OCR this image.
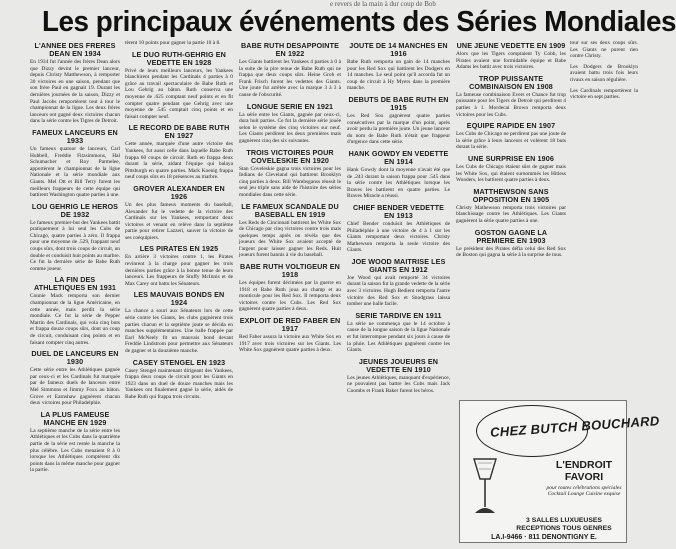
e revers de la main à dur coup de Bob
Les principaux événements des Séries Mondiales
L'ANNEE DES FRERES DEAN EN 1934

En 1934 fut l'année des frères Dean alors que Dizzy devint le premier lanceur, depuis Christy Matthewson, à remporter 30 victoires en une saison, pendant que son frère Paul en gagnait 19. Durant les dernières journées de la saison, Dizzy et Paul Jacobs remportèrent tout à tour le championnat de la ligue. Les deux frères lanceurs ont gagné deux victoires chacun dans la série contre les Tigres de Detroit.

FAMEUX LANCEURS EN 1933

Un fameux quatuor de lanceurs, Carl Hubbell, Freddie Fitzsimmons, Hal Schumacher et Roy Parmelee, apportèrent le championnat de la ligue Nationale et la série mondiale aux Giants. Mel Ott et Bill Terry furent les meilleurs frappeurs de cette équipe qui battirent Washington quatre parties à une.

LOU GEHRIG LE HEROS DE 1932

Le fameux premier-but des Yankees battit pratiquement à lui seul les Cubs de Chicago, quatre parties à zéro. Il frappa pour une moyenne de .529, frappant neuf coups sûrs, dont trois coups de circuit, un double et conduisit huit points au marbre. Ce fut la dernière série de Babe Ruth comme joueur.

LA FIN DES ATHLETIQUES EN 1931

Connie Mack remporta son dernier championnat de la ligue Américaine, en cette année, mais perdit la série mondiale. Ce fut la série de Pepper Martin des Cardinals, qui vola cinq buts et frappa douze coups sûrs, dont un coup de circuit, conduisant cinq points et en faisant compter cinq autres.

DUEL DE LANCEURS EN 1930

Cette série entre les Athlétiques gagnée par ceux-ci et les Cardinals fut marquée par de fameux duels de lanceurs entre Mel Simmons et Jimmy Foxx au bâton. Grove et Earnshaw gagnèrent chacun deux victoires pour Philadelphie.

LA PLUS FAMEUSE MANCHE EN 1929

La septième manche de la série entre les Athlétiques et les Cubs dans la quatrième partie de la série est restée la manche la plus célèbre. Les Cubs menaient 8 à 0 lorsque les Athlétiques comptèrent dix points dans la même manche pour gagner la partie.

tèrent 10 points pour gagner la partie 10 à 8.

LE DUO RUTH-GEHRIG EN VEDETTE EN 1928

Privé de leurs meilleurs lanceurs, les Yankees blanchirent pendant les Cardinals 4 parties à 0 grâce au travail spectaculaire de Babe Ruth et Lou Gehrig au bâton. Ruth conserva une moyenne de .625 comptant neuf points et en fit compter quatre pendant que Gehrig avec une moyenne de .545 comptait cinq points et en faisait compter neuf.

LE RECORD DE BABE RUTH EN 1927

Cette année, marquée d'une autre victoire des Yankees, fut aussi celle dans laquelle Babe Ruth frappa 60 coups de circuit. Ruth en frappa deux durant la série, aidant l'équipe qui balaya Pittsburgh en quatre parties. Mark Koenig frappa neuf coups sûrs en 18 présences au marbre.

GROVER ALEXANDER EN 1926

Un des plus fameux moments du baseball, Alexander fut le vedette de la victoire des Cardinals sur les Yankees, remportant deux victoires et venant en relève dans la septième partie pour retirer Lazzeri, sauver la victoire de ses coéquipiers.

LES PIRATES EN 1925

En arrière 3 victoires contre 1, les Pirates revinrent à la charge pour gagner les trois dernières parties grâce à la bonne tenue de leurs lanceurs. Les frappeurs de Stuffy McInnis et de Max Carey ont battu les Sénateurs.

LES MAUVAIS BONDS EN 1924

La chance a souri aux Sénateurs lors de cette série contre les Giants, les clubs gagnèrent trois parties chacun et la septième joute se décida en manches supplémentaires. Une balle frappée par Earl McNeely fit un mauvais bond devant Freddie Lindstrom pour permettre aux Sénateurs de gagner et la douzième manche.

CASEY STENGEL EN 1923

Casey Stengel maintenant dirigeant des Yankees, frappa deux coups de circuit pour les Giants en 1923 dans un duel de douze manches mais les Yankees ont finalement gagné la série, aidés de Babe Ruth qui frappa trois circuits.

BABE RUTH DESAPPOINTE EN 1922

Les Giants battirent les Yankees 4 parties à 0 à la suite de la pire tenue de Babe Ruth qui ne frappa que deux coups sûrs. Heine Groh et Frank Frisch furent les vedettes des Giants. Une joute fut arrêtée avec la marque 3 à 3 à cause de l'obscurité.

LONGUE SERIE EN 1921

La série entre les Giants, gagnée par ceux-ci, dura huit parties. Ce fut la dernière série jouée selon le système des cinq victoires sur neuf. Les Giants perdirent les deux premières mais gagnèrent cinq des six suivantes.

TROIS VICTOIRES POUR COVELESKIE EN 1920

Stan Coveleskie gagna trois victoires pour les Indians de Cleveland qui battirent Brooklyn cinq parties à deux. Bill Wambsganss réussit le seul jeu triple sans aide de l'histoire des séries mondiales dans cette série.

LE FAMEUX SCANDALE DU BASEBALL EN 1919

Les Reds de Cincinnati battirent les White Sox de Chicago par cinq victoires contre trois mais quelques temps après on révéla que des joueurs des White Sox avaient accepté de l'argent pour laisser gagner les Reds. Huit joueurs furent bannis à vie du baseball.

BABE RUTH VOLTIGEUR EN 1918

Les équipes furent décimées par la guerre en 1918 et Babe Ruth joua au champ et au monticule pour les Red Sox. Il remporta deux victoires contre les Cubs. Les Red Sox gagnèrent quatre parties à deux.

EXPLOIT DE RED FABER EN 1917

Red Faber assura la victoire aux White Sox en 1917 avec trois victoires sur les Giants. Les White Sox gagnèrent quatre parties à deux.

JOUTE DE 14 MANCHES EN 1916

Babe Ruth remporta un gain de 14 manches pour les Red Sox qui battirent les Dodgers en 14 manches. Le seul point qu'il accorda fut un coup de circuit à Hy Myers dans la première manche.

DEBUTS DE BABE RUTH EN 1915

Les Red Sox gagnèrent quatre parties consécutives par la marque d'un point, après avoir perdu la première joute. Un jeune lanceur du nom de Babe Ruth n'était que frappeur d'urgence dans cette série.

HANK GOWDY EN VEDETTE EN 1914

Hank Gowdy dont la moyenne n'avait été que de .243 durant la saison frappa pour .545 dans la série contre les Athlétiques lorsque les Braves les battirent en quatre parties. Le Braves Miracle a réussi.

CHIEF BENDER VEDETTE EN 1913

Chief Bender conduisit les Athlétiques de Philadelphie à une victoire de 4 à 1 sur les Giants remportant deux victoires. Christy Mathewson remporta la seule victoire des Giants.

JOE WOOD MAITRISE LES GIANTS EN 1912

Joe Wood qui avait remporté 34 victoires durant la saison fut la grande vedette de la série avec 3 victoires. Hugh Bedient remporta l'autre victoire des Red Sox et Snodgrass laissa tomber une balle facile.

SERIE TARDIVE EN 1911

La série ne commença que le 14 octobre à cause de la longue saison de la ligue Nationale et fut interrompue pendant six jours à cause de la pluie. Les Athlétiques gagnèrent contre les Giants.

JEUNES JOUEURS EN VEDETTE EN 1910

Les jeunes Athlétiques, manquant d'expérience, ne pouvaient pas battre les Cubs mais Jack Coombs et Frank Baker furent les héros.

UNE JEUNE VEDETTE EN 1909

Alors que les Tigers comptaient Ty Cobb, les Pirates avaient une formidable équipe et Babe Adams les battit avec trois victoires.

TROP PUISSANTE COMBINAISON EN 1908

La fameuse combinaison Evers et Chance fut trop puissante pour les Tigers de Detroit qui perdirent 4 parties à 1. Mordecai Brown remporta deux victoires pour les Cubs.

EQUIPE RAPIDE EN 1907

Les Cubs de Chicago ne perdirent pas une joute de la série grâce à leurs lanceurs et volèrent 18 buts durant la série.

UNE SURPRISE EN 1906

Les Cubs de Chicago étaient sûrs de gagner mais les White Sox, qui étaient surnommés les Hitless Wonders, les battirent quatre parties à deux.

MATTHEWSON SANS OPPOSITION EN 1905

Christy Mathewson remporta trois victoires par blanchissage contre les Athlétiques. Les Giants gagnèrent la série quatre parties à une.

GOSTON GAGNE LA PREMIERE EN 1903

Le président des Pirates défia celui des Red Sox de Boston qui gagna la série à la surprise de tous.

tour sur ses deux coups sûrs. Les Giants ne purent rien contre Christy.

Les Dodgers de Brooklyn avaient battu trois fois leurs rivaux en saison régulière.

Les Cardinals remportèrent la victoire en sept parties.

CHEZ BUTCH BOUCHARD
L'ENDROIT FAVORI
pour toutes célébrations spéciales Cocktail Lounge Cuisine exquise
3 SALLES LUXUEUSES RECEPTIONS TOUS GENRES
LA.I-9466 · 811 DENONTIGNY E.
